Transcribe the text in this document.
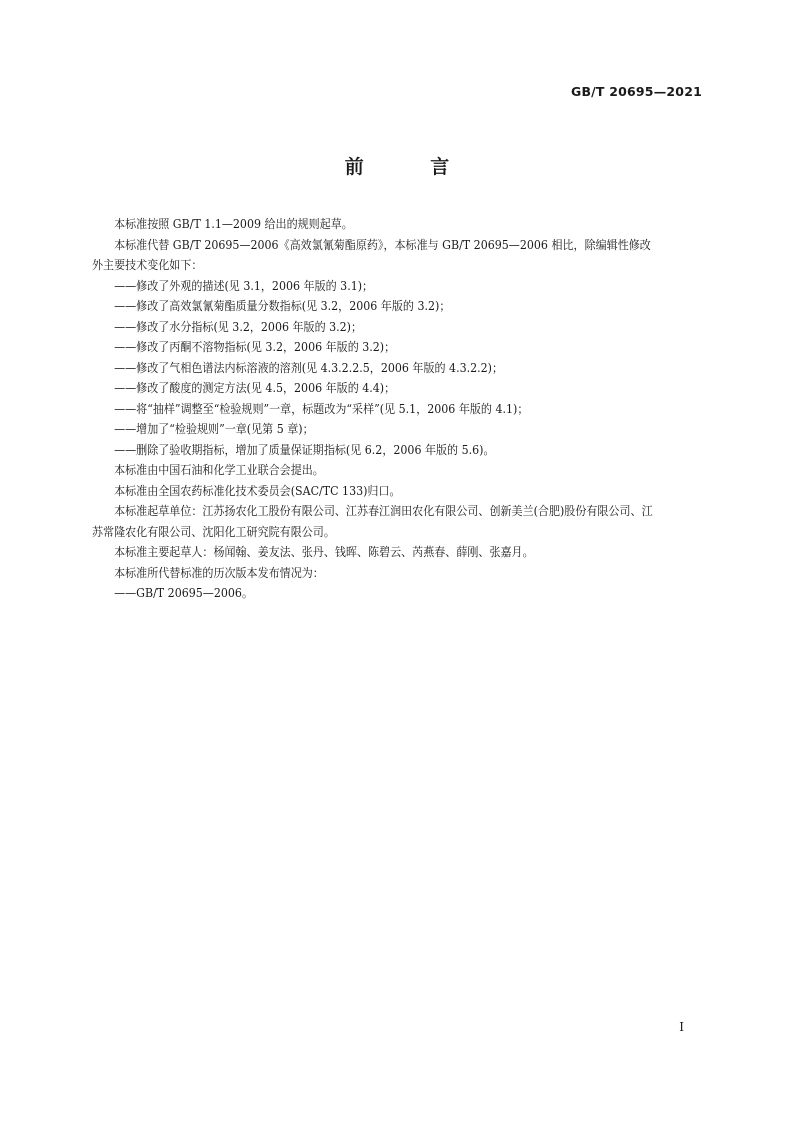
GB/T 20695—2021
前 言

本标准按照 GB/T 1.1—2009 给出的规则起草。

本标准代替 GB/T 20695—2006《高效氯氰菊酯原药》，本标准与 GB/T 20695—2006 相比，除编辑性修改外主要技术变化如下：

——修改了外观的描述(见 3.1，2006 年版的 3.1)；

——修改了高效氯氰菊酯质量分数指标(见 3.2，2006 年版的 3.2)；

——修改了水分指标(见 3.2，2006 年版的 3.2)；

——修改了丙酮不溶物指标(见 3.2，2006 年版的 3.2)；

——修改了气相色谱法内标溶液的溶剂(见 4.3.2.2.5，2006 年版的 4.3.2.2)；

——修改了酸度的测定方法(见 4.5，2006 年版的 4.4)；

——将“抽样”调整至“检验规则”一章，标题改为“采样”(见 5.1，2006 年版的 4.1)；

——增加了“检验规则”一章(见第 5 章)；

——删除了验收期指标，增加了质量保证期指标(见 6.2，2006 年版的 5.6)。

本标准由中国石油和化学工业联合会提出。

本标准由全国农药标准化技术委员会(SAC/TC 133)归口。

本标准起草单位：江苏扬农化工股份有限公司、江苏春江润田农化有限公司、创新美兰(合肥)股份有限公司、江苏常隆农化有限公司、沈阳化工研究院有限公司。

本标准主要起草人：杨闻翰、姜友法、张丹、钱晖、陈碧云、芮燕春、薛刚、张嘉月。

本标准所代替标准的历次版本发布情况为：

——GB/T 20695—2006。

I
